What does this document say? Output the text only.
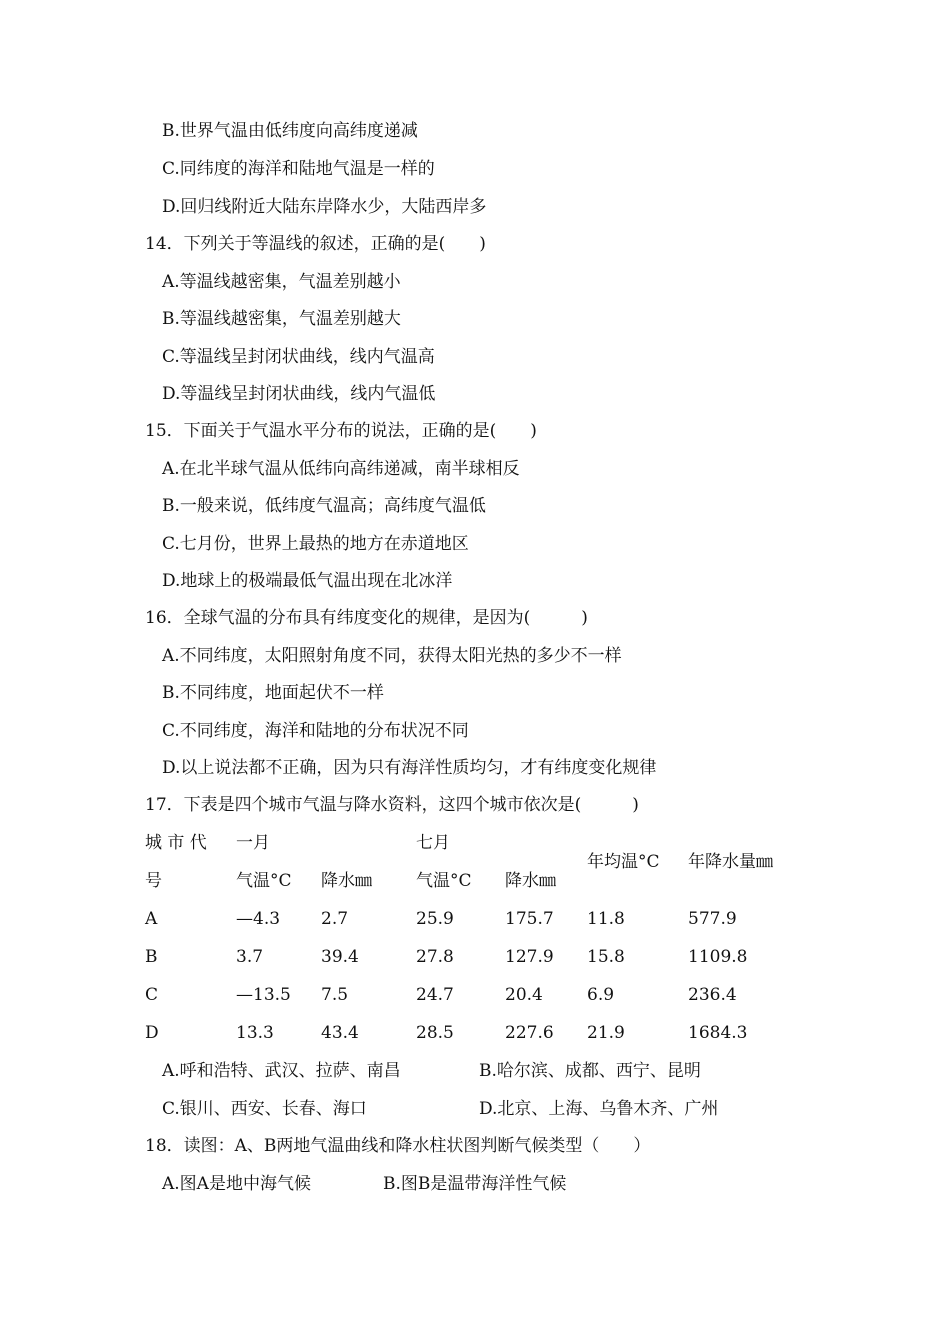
B.世界气温由低纬度向高纬度递减
C.同纬度的海洋和陆地气温是一样的
D.回归线附近大陆东岸降水少，大陆西岸多
14．下列关于等温线的叙述，正确的是(　　)
A.等温线越密集，气温差别越小
B.等温线越密集，气温差别越大
C.等温线呈封闭状曲线，线内气温高
D.等温线呈封闭状曲线，线内气温低
15．下面关于气温水平分布的说法，正确的是(　　)
A.在北半球气温从低纬向高纬递减，南半球相反
B.一般来说，低纬度气温高；高纬度气温低
C.七月份，世界上最热的地方在赤道地区
D.地球上的极端最低气温出现在北冰洋
16．全球气温的分布具有纬度变化的规律，是因为(　　　)
A.不同纬度，太阳照射角度不同，获得太阳光热的多少不一样
B.不同纬度，地面起伏不一样
C.不同纬度，海洋和陆地的分布状况不同
D.以上说法都不正确，因为只有海洋性质均匀，才有纬度变化规律
17．下表是四个城市气温与降水资料，这四个城市依次是(　　　)
城 市 代
号
一月	七月
气温°C 降水㎜	气温°C 降水㎜
年均温°C 年降水量㎜
A	—4.3 2.7	25.9	175.7 11.8	577.9
B	3.7	39.4	27.8	127.9 15.8	1109.8
C	—13.5 7.5	24.7	20.4	6.9	236.4
D	13.3	43.4	28.5	227.6 21.9	1684.3
A.呼和浩特、武汉、拉萨、南昌	B.哈尔滨、成都、西宁、昆明
C.银川、西安、长春、海口	D.北京、上海、乌鲁木齐、广州
18．读图：A、B两地气温曲线和降水柱状图判断气候类型（　　）
A.图A是地中海气候	B.图B是温带海洋性气候
